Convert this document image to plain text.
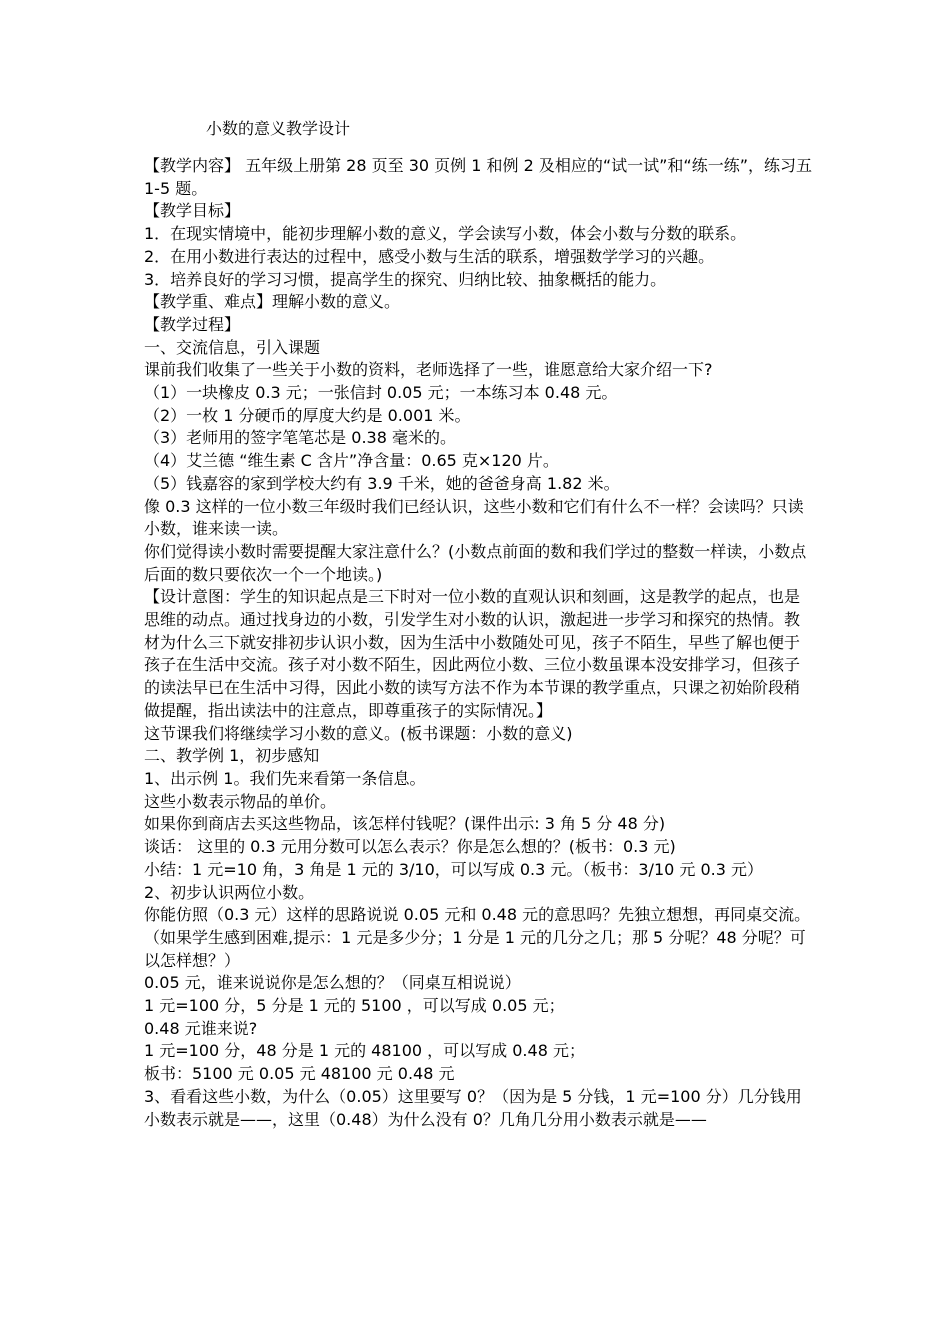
小数的意义教学设计

【教学内容】 五年级上册第 28 页至 30 页例 1 和例 2 及相应的“试一试”和“练一练”，练习五 1-5 题。

【教学目标】

1．在现实情境中，能初步理解小数的意义，学会读写小数，体会小数与分数的联系。

2．在用小数进行表达的过程中，感受小数与生活的联系，增强数学学习的兴趣。

3．培养良好的学习习惯，提高学生的探究、归纳比较、抽象概括的能力。

【教学重、难点】理解小数的意义。

【教学过程】

一、交流信息，引入课题

课前我们收集了一些关于小数的资料，老师选择了一些，谁愿意给大家介绍一下?

（1）一块橡皮 0.3 元；一张信封 0.05 元；一本练习本 0.48 元。

（2）一枚 1 分硬币的厚度大约是 0.001 米。

（3）老师用的签字笔笔芯是 0.38 毫米的。

（4）艾兰德 “维生素 C 含片”净含量：0.65 克×120 片。

（5）钱嘉容的家到学校大约有 3.9 千米，她的爸爸身高 1.82 米。

像 0.3 这样的一位小数三年级时我们已经认识，这些小数和它们有什么不一样？会读吗？只读小数，谁来读一读。

你们觉得读小数时需要提醒大家注意什么？(小数点前面的数和我们学过的整数一样读，小数点后面的数只要依次一个一个地读。)

【设计意图：学生的知识起点是三下时对一位小数的直观认识和刻画，这是教学的起点，也是思维的动点。通过找身边的小数，引发学生对小数的认识，激起进一步学习和探究的热情。教材为什么三下就安排初步认识小数，因为生活中小数随处可见，孩子不陌生，早些了解也便于孩子在生活中交流。孩子对小数不陌生，因此两位小数、三位小数虽课本没安排学习，但孩子的读法早已在生活中习得，因此小数的读写方法不作为本节课的教学重点，只课之初始阶段稍做提醒，指出读法中的注意点，即尊重孩子的实际情况。】

这节课我们将继续学习小数的意义。(板书课题：小数的意义)

二、教学例 1，初步感知

1、出示例 1。我们先来看第一条信息。

这些小数表示物品的单价。

如果你到商店去买这些物品，该怎样付钱呢？(课件出示: 3 角 5 分 48 分)

谈话： 这里的 0.3 元用分数可以怎么表示？你是怎么想的？(板书：0.3 元)

小结：1 元=10 角，3 角是 1 元的 3/10，可以写成 0.3 元。（板书：3/10 元 0.3 元）

2、初步认识两位小数。

你能仿照（0.3 元）这样的思路说说 0.05 元和 0.48 元的意思吗？先独立想想，再同桌交流。（如果学生感到困难,提示：1 元是多少分；1 分是 1 元的几分之几；那 5 分呢？48 分呢？可以怎样想？）

0.05 元，谁来说说你是怎么想的？（同桌互相说说）

1 元=100 分，5 分是 1 元的 5100 ，可以写成 0.05 元；

0.48 元谁来说?

1 元=100 分，48 分是 1 元的 48100 ，可以写成 0.48 元；

板书：5100 元 0.05 元 48100 元 0.48 元

3、看看这些小数，为什么（0.05）这里要写 0？（因为是 5 分钱，1 元=100 分）几分钱用小数表示就是——，这里（0.48）为什么没有 0？几角几分用小数表示就是——
